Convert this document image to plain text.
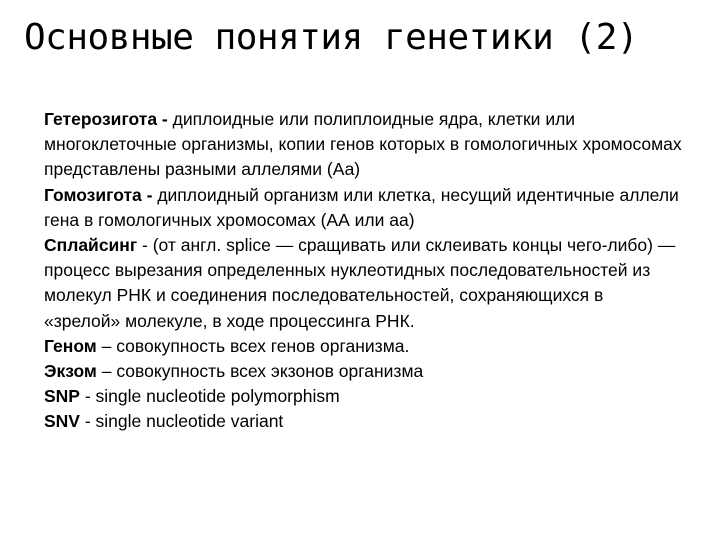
Основные понятия генетики (2)

Гетерозигота - диплоидные или полиплоидные ядра, клетки или многоклеточные организмы, копии генов которых в гомологичных хромосомах представлены разными аллелями (Аа)

Гомозигота - диплоидный организм или клетка, несущий идентичные аллели гена в гомологичных хромосомах (АА или аа)

Сплайсинг - (от англ. splice — сращивать или склеивать концы чего-либо) — процесс вырезания определенных нуклеотидных последовательностей из молекул РНК и соединения последовательностей, сохраняющихся в «зрелой» молекуле, в ходе процессинга РНК.

Геном – совокупность всех генов организма.

Экзом – совокупность всех экзонов организма

SNP - single nucleotide polymorphism

SNV - single nucleotide variant
